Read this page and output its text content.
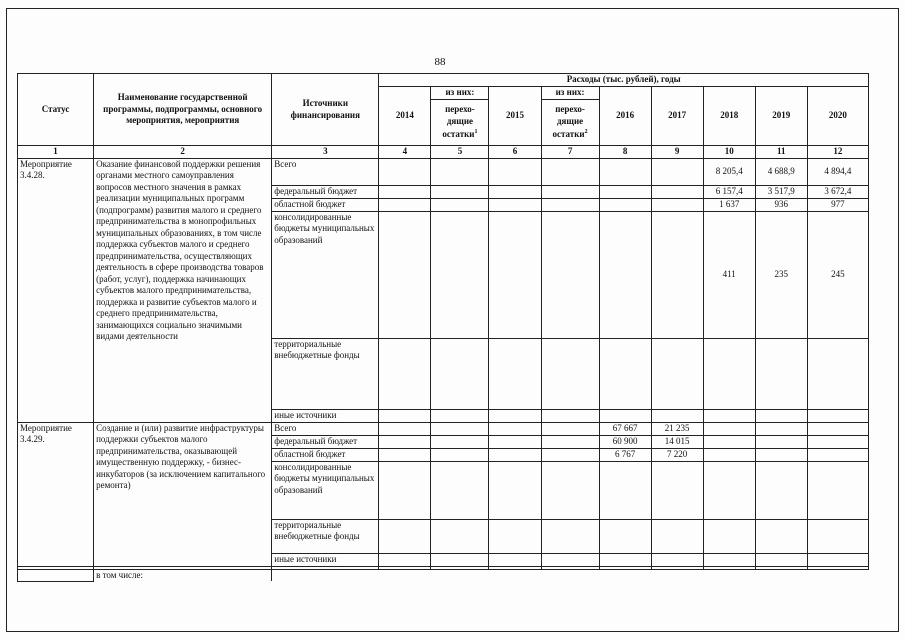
88
Статус	Наименование государственной программы, подпрограммы, основного мероприятия, мероприятия	Источники финансирования	Расходы (тыс. рублей), годы								
			2014	из них:	2015	из них:	2016	2017	2018	2019	2020
				перехо-дящие остатки$^1$		перехо-дящие остатки$^2$
1	2	3	4	5	6	7	8	9	10	11	12
Мероприятие 3.4.28.	Оказание финансовой поддержки решения органами местного самоуправления вопросов местного значения в рамках реализации муниципальных программ (подпрограмм) развития малого и среднего предпринимательства в монопрофильных муниципальных образованиях, в том числе поддержка субъектов малого и среднего предпринимательства, осуществляющих деятельность в сфере производства товаров (работ, услуг), поддержка начинающих субъектов малого предпринимательства, поддержка и развитие субъектов малого и среднего предпринимательства, занимающихся социально значимыми видами деятельности	Всего							8 205,4	4 688,9	4 894,4
		федеральный бюджет							6 157,4	3 517,9	3 672,4
		областной бюджет							1 637	936	977
		консолидированные бюджеты муниципальных образований							411	235	245
		территориальные внебюджетные фонды									
		иные источники									
Мероприятие 3.4.29.	Создание и (или) развитие инфраструктуры поддержки субъектов малого предпринимательства, оказывающей имущественную поддержку, - бизнес-инкубаторов (за исключением капитального ремонта)	Всего					67 667	21 235			
		федеральный бюджет					60 900	14 015			
		областной бюджет					6 767	7 220			
		консолидированные бюджеты муниципальных образований									
		территориальные внебюджетные фонды									
		иные источники									

	в том числе:										
